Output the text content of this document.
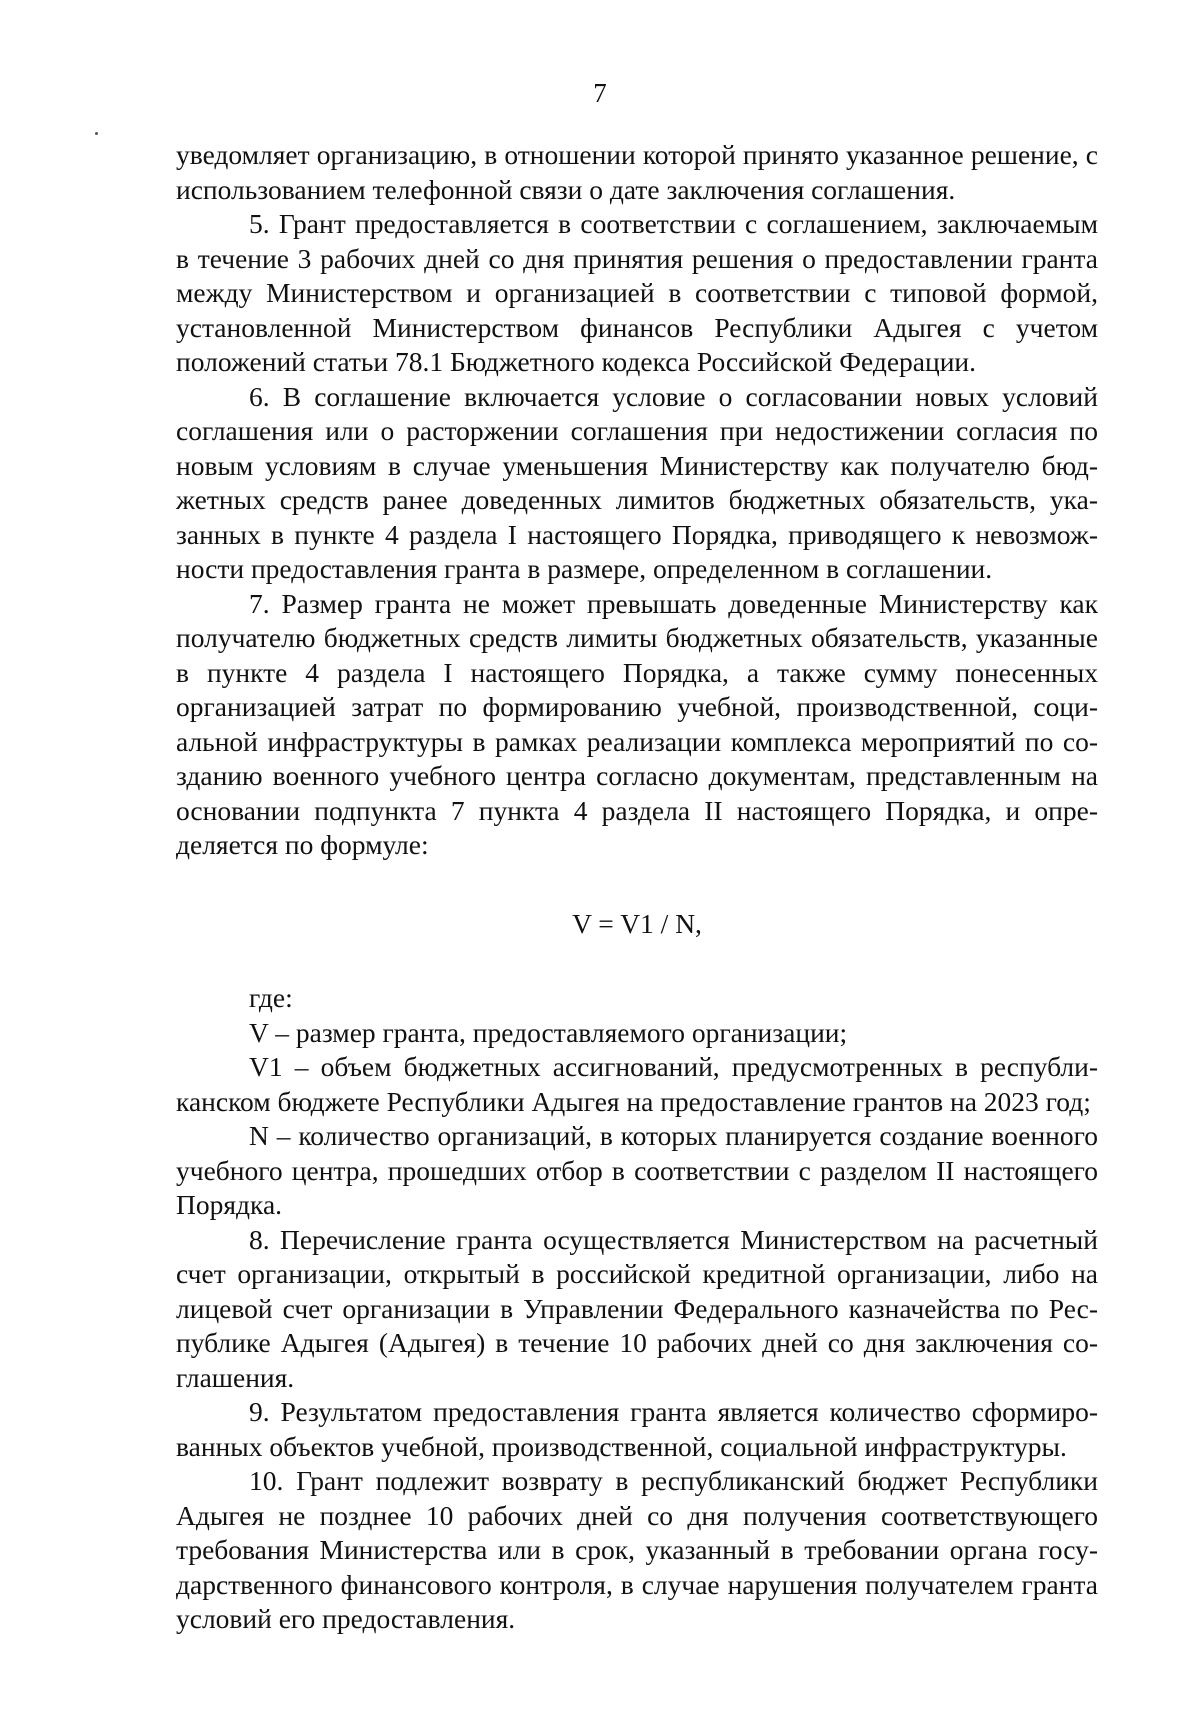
7

уведомляет организацию, в отношении которой принято указанное решение, с использованием телефонной связи о дате заключения соглашения.

5. Грант предоставляется в соответствии с соглашением, заключаемым в течение 3 рабочих дней со дня принятия решения о предоставлении гранта между Министерством и организацией в соответствии с типовой формой, установленной Министерством финансов Республики Адыгея с учетом положений статьи 78.1 Бюджетного кодекса Российской Федерации.

6. В соглашение включается условие о согласовании новых условий соглашения или о расторжении соглашения при недостижении согласия по новым условиям в случае уменьшения Министерству как получателю бюджетных средств ранее доведенных лимитов бюджетных обязательств, указанных в пункте 4 раздела I настоящего Порядка, приводящего к невозможности предоставления гранта в размере, определенном в соглашении.

7. Размер гранта не может превышать доведенные Министерству как получателю бюджетных средств лимиты бюджетных обязательств, указанные в пункте 4 раздела I настоящего Порядка, а также сумму понесенных организацией затрат по формированию учебной, производственной, социальной инфраструктуры в рамках реализации комплекса мероприятий по созданию военного учебного центра согласно документам, представленным на основании подпункта 7 пункта 4 раздела II настоящего Порядка, и определяется по формуле:

V = V1 / N,

где:

V – размер гранта, предоставляемого организации;

V1 – объем бюджетных ассигнований, предусмотренных в республиканском бюджете Республики Адыгея на предоставление грантов на 2023 год;

N – количество организаций, в которых планируется создание военного учебного центра, прошедших отбор в соответствии с разделом II настоящего Порядка.

8. Перечисление гранта осуществляется Министерством на расчетный счет организации, открытый в российской кредитной организации, либо на лицевой счет организации в Управлении Федерального казначейства по Республике Адыгея (Адыгея) в течение 10 рабочих дней со дня заключения соглашения.

9. Результатом предоставления гранта является количество сформированных объектов учебной, производственной, социальной инфраструктуры.

10. Грант подлежит возврату в республиканский бюджет Республики Адыгея не позднее 10 рабочих дней со дня получения соответствующего требования Министерства или в срок, указанный в требовании органа государственного финансового контроля, в случае нарушения получателем гранта условий его предоставления.
